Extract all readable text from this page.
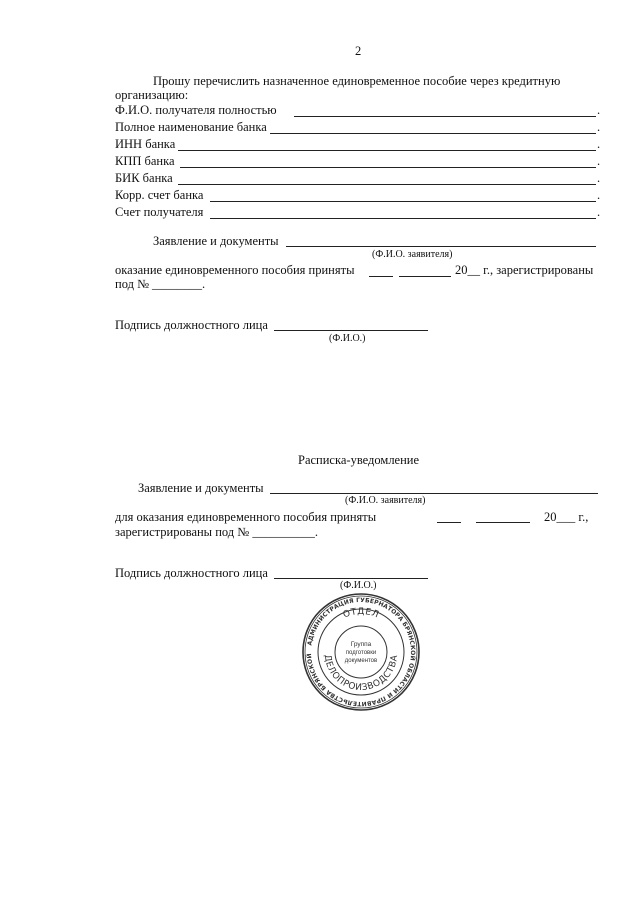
2
Прошу перечислить назначенное единовременное пособие через кредитную
организацию:
Ф.И.О. получателя полностью	.
Полное наименование банка	.
ИНН банка	.
КПП банка	.
БИК банка	.
Корр. счет банка	.
Счет получателя	.
Заявление и документы
(Ф.И.О. заявителя)
оказание единовременного пособия приняты	20__ г., зарегистрированы
под № ________.
Подпись должностного лица
(Ф.И.О.)
Расписка-уведомление
Заявление и документы
(Ф.И.О. заявителя)
для оказания единовременного пособия приняты	20___ г.,
зарегистрированы под № __________.
Подпись должностного лица
(Ф.И.О.)
АДМИНИСТРАЦИЯ ГУБЕРНАТОРА БРЯНСКОЙ ОБЛАСТИ И ПРАВИТЕЛЬСТВА БРЯНСКОЙ
ОТДЕЛ
ДЕЛОПРОИЗВОДСТВА
Группа
подготовки
документов
